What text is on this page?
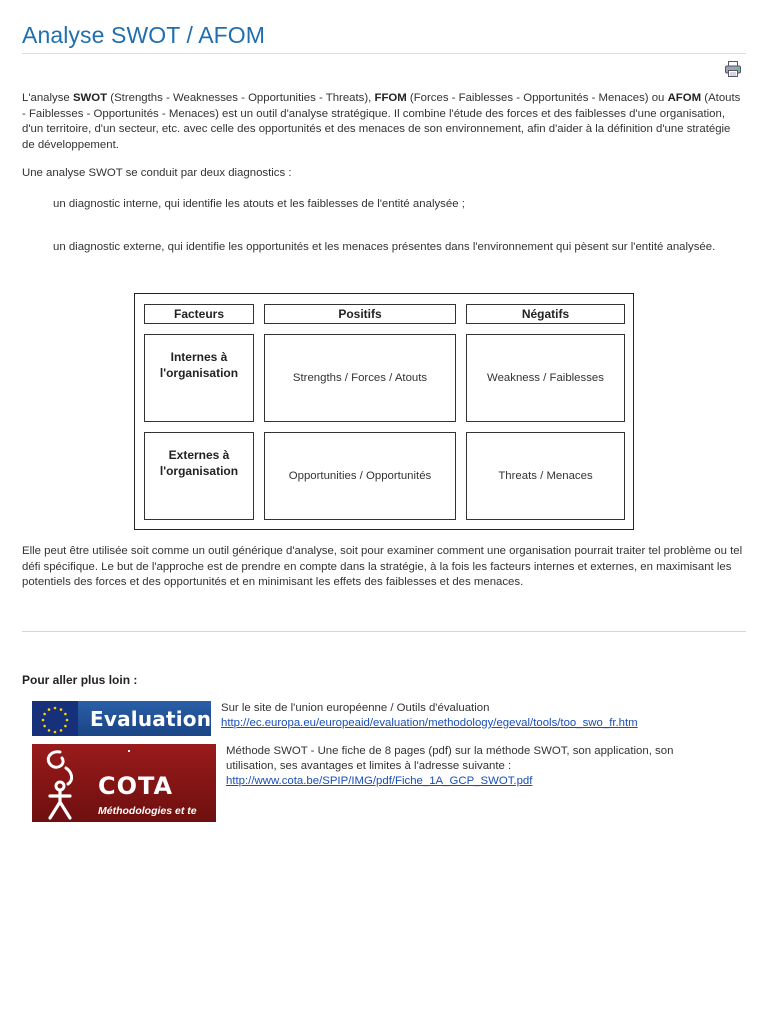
Analyse SWOT / AFOM

L'analyse SWOT (Strengths - Weaknesses - Opportunities - Threats), FFOM (Forces - Faiblesses - Opportunités - Menaces) ou AFOM (Atouts - Faiblesses - Opportunités - Menaces) est un outil d'analyse stratégique. Il combine l'étude des forces et des faiblesses d'une organisation, d'un territoire, d'un secteur, etc. avec celle des opportunités et des menaces de son environnement, afin d'aider à la définition d'une stratégie de développement.

Une analyse SWOT se conduit par deux diagnostics :

un diagnostic interne, qui identifie les atouts et les faiblesses de l'entité analysée ;

un diagnostic externe, qui identifie les opportunités et les menaces présentes dans l'environnement qui pèsent sur l'entité analysée.

Facteurs	Positifs	Négatifs
Internes à l'organisation	Strengths / Forces / Atouts	Weakness / Faiblesses
Externes à l'organisation	Opportunities / Opportunités	Threats / Menaces

Elle peut être utilisée soit comme un outil générique d'analyse, soit pour examiner comment une organisation pourrait traiter tel problème ou tel défi spécifique. Le but de l'approche est de prendre en compte dans la stratégie, à la fois les facteurs internes et externes, en maximisant les potentiels des forces et des opportunités et en minimisant les effets des faiblesses et des menaces.

Pour aller plus loin :
Evaluation Sur le site de l'union européenne / Outils d'évaluation
http://ec.europa.eu/europeaid/evaluation/methodology/egeval/tools/too_swo_fr.htm
COTA
Méthodologies et te
Méthode SWOT - Une fiche de 8 pages (pdf) sur la méthode SWOT, son application, son utilisation, ses avantages et limites à l'adresse suivante :
http://www.cota.be/SPIP/IMG/pdf/Fiche_1A_GCP_SWOT.pdf
